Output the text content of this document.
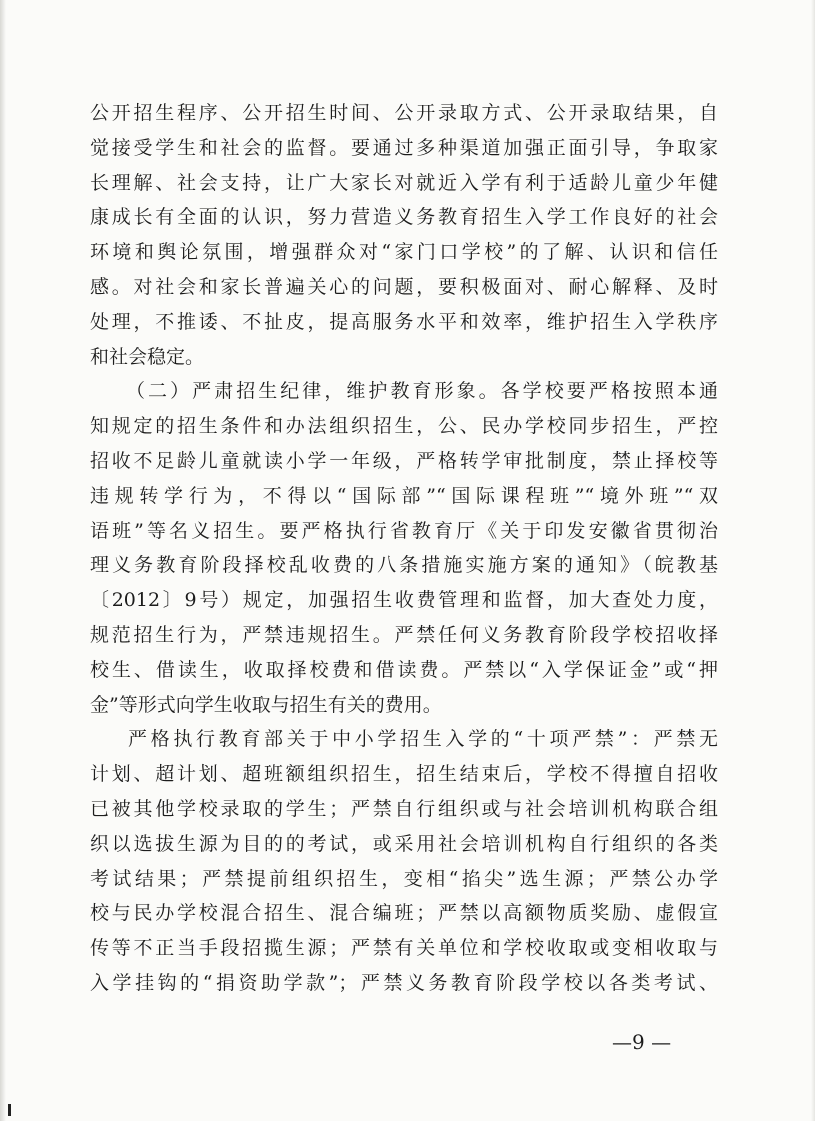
公开招生程序、公开招生时间、公开录取方式、公开录取结果，自
觉接受学生和社会的监督。要通过多种渠道加强正面引导，争取家
长理解、社会支持，让广大家长对就近入学有利于适龄儿童少年健
康成长有全面的认识，努力营造义务教育招生入学工作良好的社会
环境和舆论氛围，增强群众对“家门口学校”的了解、认识和信任
感。对社会和家长普遍关心的问题，要积极面对、耐心解释、及时
处理，不推诿、不扯皮，提高服务水平和效率，维护招生入学秩序
和社会稳定。
（二）严肃招生纪律，维护教育形象。各学校要严格按照本通
知规定的招生条件和办法组织招生，公、民办学校同步招生，严控
招收不足龄儿童就读小学一年级，严格转学审批制度，禁止择校等
违规转学行为，不得以“国际部”“国际课程班”“境外班”“双
语班”等名义招生。要严格执行省教育厅《关于印发安徽省贯彻治
理义务教育阶段择校乱收费的八条措施实施方案的通知》（皖教基
〔2012〕9号）规定，加强招生收费管理和监督，加大查处力度，
规范招生行为，严禁违规招生。严禁任何义务教育阶段学校招收择
校生、借读生，收取择校费和借读费。严禁以“入学保证金”或“押
金”等形式向学生收取与招生有关的费用。
严格执行教育部关于中小学招生入学的“十项严禁”：严禁无
计划、超计划、超班额组织招生，招生结束后，学校不得擅自招收
已被其他学校录取的学生；严禁自行组织或与社会培训机构联合组
织以选拔生源为目的的考试，或采用社会培训机构自行组织的各类
考试结果；严禁提前组织招生，变相“掐尖”选生源；严禁公办学
校与民办学校混合招生、混合编班；严禁以高额物质奖励、虚假宣
传等不正当手段招揽生源；严禁有关单位和学校收取或变相收取与
入学挂钩的“捐资助学款”；严禁义务教育阶段学校以各类考试、
—9 —
